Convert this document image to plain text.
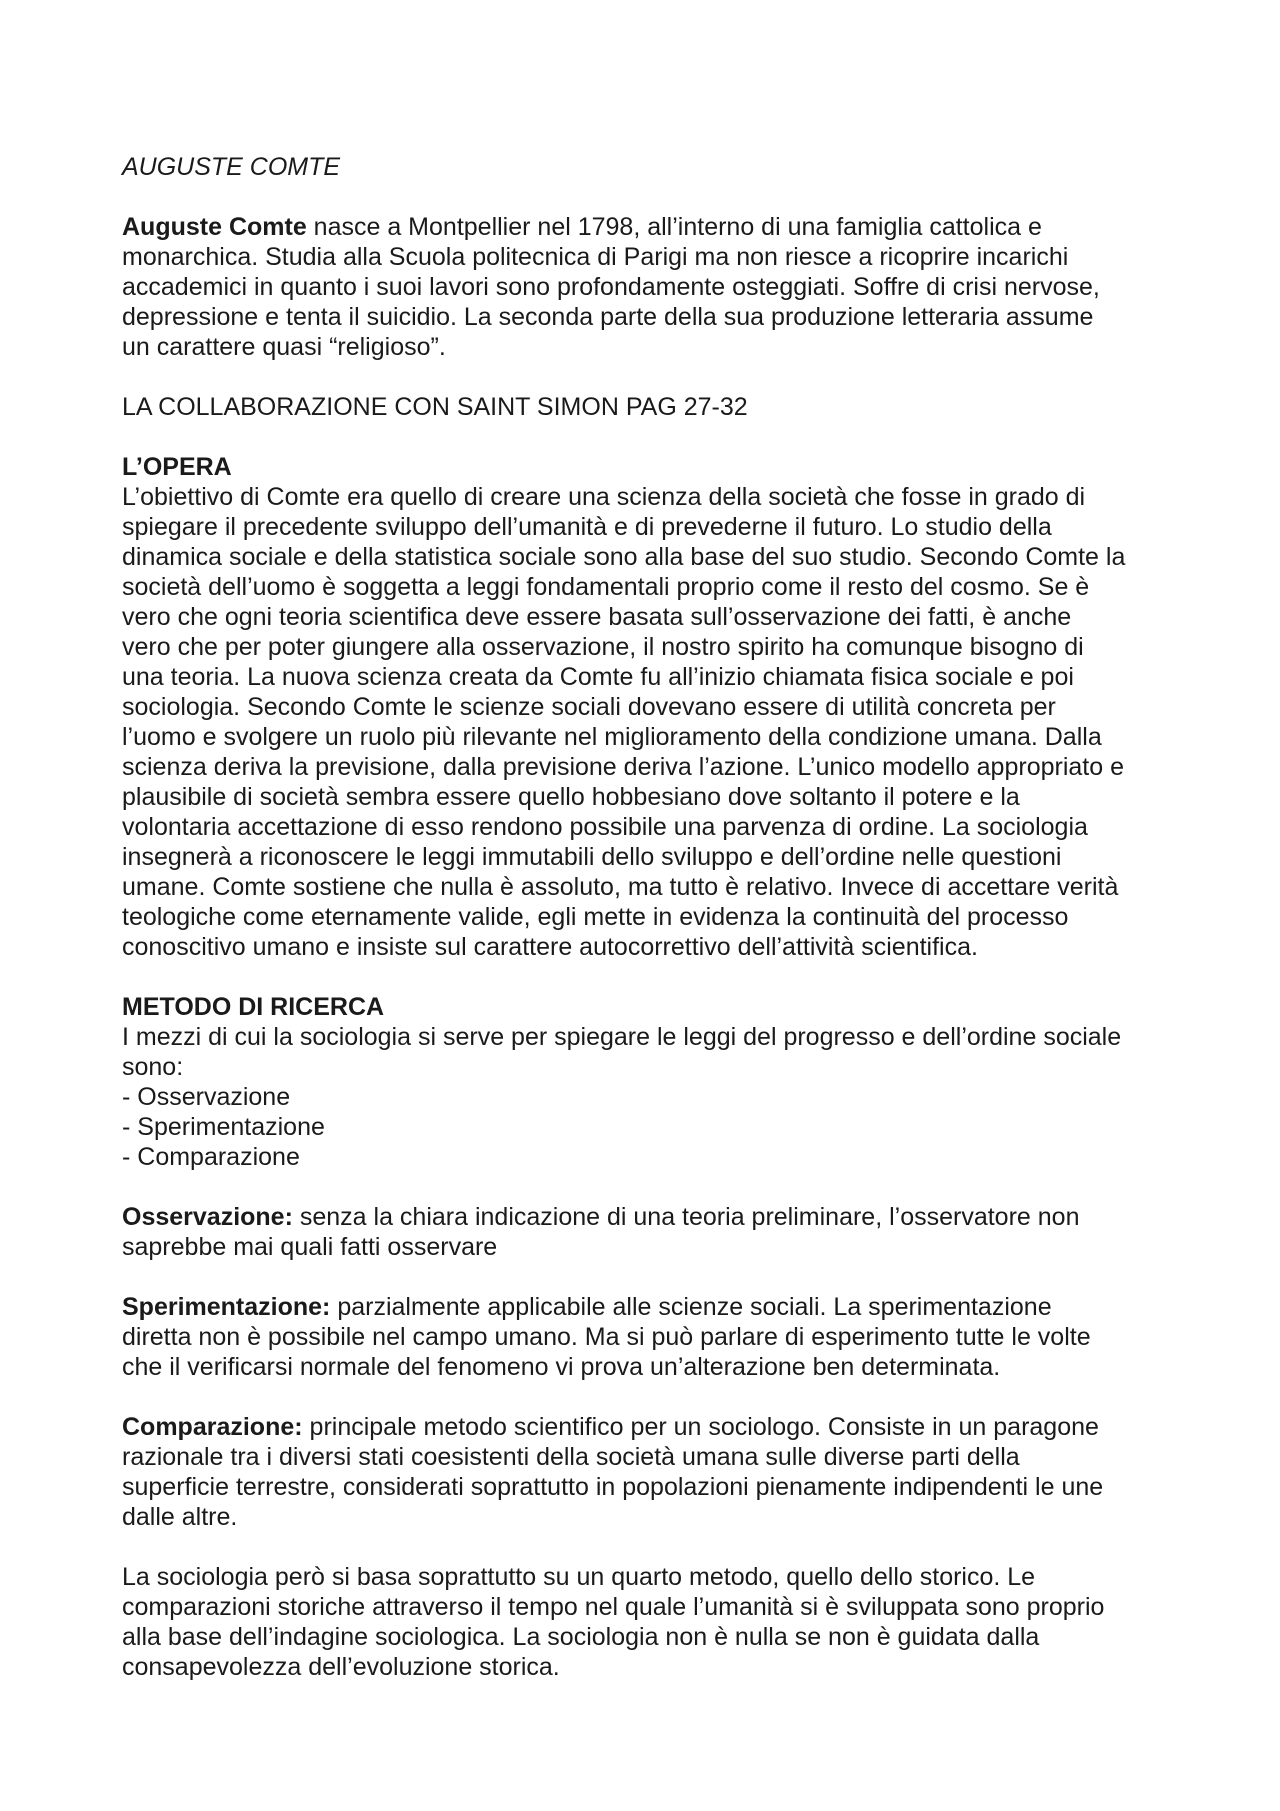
AUGUSTE COMTE

Auguste Comte nasce a Montpellier nel 1798, all’interno di una famiglia cattolica e
monarchica. Studia alla Scuola politecnica di Parigi ma non riesce a ricoprire incarichi
accademici in quanto i suoi lavori sono profondamente osteggiati. Soffre di crisi nervose,
depressione e tenta il suicidio. La seconda parte della sua produzione letteraria assume
un carattere quasi “religioso”.

LA COLLABORAZIONE CON SAINT SIMON PAG 27-32

L’OPERA

L’obiettivo di Comte era quello di creare una scienza della società che fosse in grado di
spiegare il precedente sviluppo dell’umanità e di prevederne il futuro. Lo studio della
dinamica sociale e della statistica sociale sono alla base del suo studio. Secondo Comte la
società dell’uomo è soggetta a leggi fondamentali proprio come il resto del cosmo. Se è
vero che ogni teoria scientifica deve essere basata sull’osservazione dei fatti, è anche
vero che per poter giungere alla osservazione, il nostro spirito ha comunque bisogno di
una teoria. La nuova scienza creata da Comte fu all’inizio chiamata fisica sociale e poi
sociologia. Secondo Comte le scienze sociali dovevano essere di utilità concreta per
l’uomo e svolgere un ruolo più rilevante nel miglioramento della condizione umana. Dalla
scienza deriva la previsione, dalla previsione deriva l’azione. L’unico modello appropriato e
plausibile di società sembra essere quello hobbesiano dove soltanto il potere e la
volontaria accettazione di esso rendono possibile una parvenza di ordine. La sociologia
insegnerà a riconoscere le leggi immutabili dello sviluppo e dell’ordine nelle questioni
umane. Comte sostiene che nulla è assoluto, ma tutto è relativo. Invece di accettare verità
teologiche come eternamente valide, egli mette in evidenza la continuità del processo
conoscitivo umano e insiste sul carattere autocorrettivo dell’attività scientifica.

METODO DI RICERCA

I mezzi di cui la sociologia si serve per spiegare le leggi del progresso e dell’ordine sociale
sono:

- Osservazione

- Sperimentazione

- Comparazione

Osservazione: senza la chiara indicazione di una teoria preliminare, l’osservatore non
saprebbe mai quali fatti osservare

Sperimentazione: parzialmente applicabile alle scienze sociali. La sperimentazione
diretta non è possibile nel campo umano. Ma si può parlare di esperimento tutte le volte
che il verificarsi normale del fenomeno vi prova un’alterazione ben determinata.

Comparazione: principale metodo scientifico per un sociologo. Consiste in un paragone
razionale tra i diversi stati coesistenti della società umana sulle diverse parti della
superficie terrestre, considerati soprattutto in popolazioni pienamente indipendenti le une
dalle altre.

La sociologia però si basa soprattutto su un quarto metodo, quello dello storico. Le
comparazioni storiche attraverso il tempo nel quale l’umanità si è sviluppata sono proprio
alla base dell’indagine sociologica. La sociologia non è nulla se non è guidata dalla
consapevolezza dell’evoluzione storica.
